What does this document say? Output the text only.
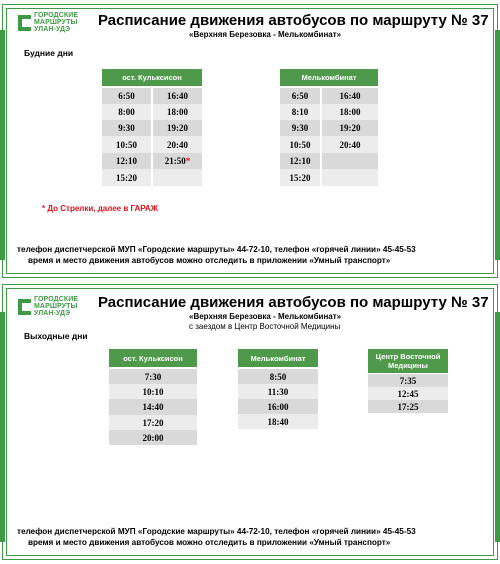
ГОРОДСКИЕ
МАРШРУТЫ
УЛАН-УДЭ
Расписание движения автобусов по маршруту № 37
«Верхняя Березовка - Мелькомбинат»
Будние дни
ост. Кульксисон
6:50	16:40
8:00	18:00
9:30	19:20
10:50	20:40
12:10	21:50 *
15:20
Мелькомбинат
6:50	16:40
8:10	18:00
9:30	19:20
10:50	20:40
12:10
15:20
* До Стрелки, далее в ГАРАЖ
телефон диспетчерской МУП «Городские маршруты» 44-72-10, телефон «горячей линии» 45-45-53
время и место движения автобусов можно отследить в приложении «Умный транспорт»
ГОРОДСКИЕ
МАРШРУТЫ
УЛАН-УДЭ
Расписание движения автобусов по маршруту № 37
«Верхняя Березовка - Мелькомбинат»
с заездом в Центр Восточной Медицины
Выходные дни
ост. Кульксисон
7:30
10:10
14:40
17:20
20:00
Мелькомбинат
8:50
11:30
16:00
18:40
Центр Восточной Медицины
7:35
12:45
17:25
телефон диспетчерской МУП «Городские маршруты» 44-72-10, телефон «горячей линии» 45-45-53
время и место движения автобусов можно отследить в приложении «Умный транспорт»
